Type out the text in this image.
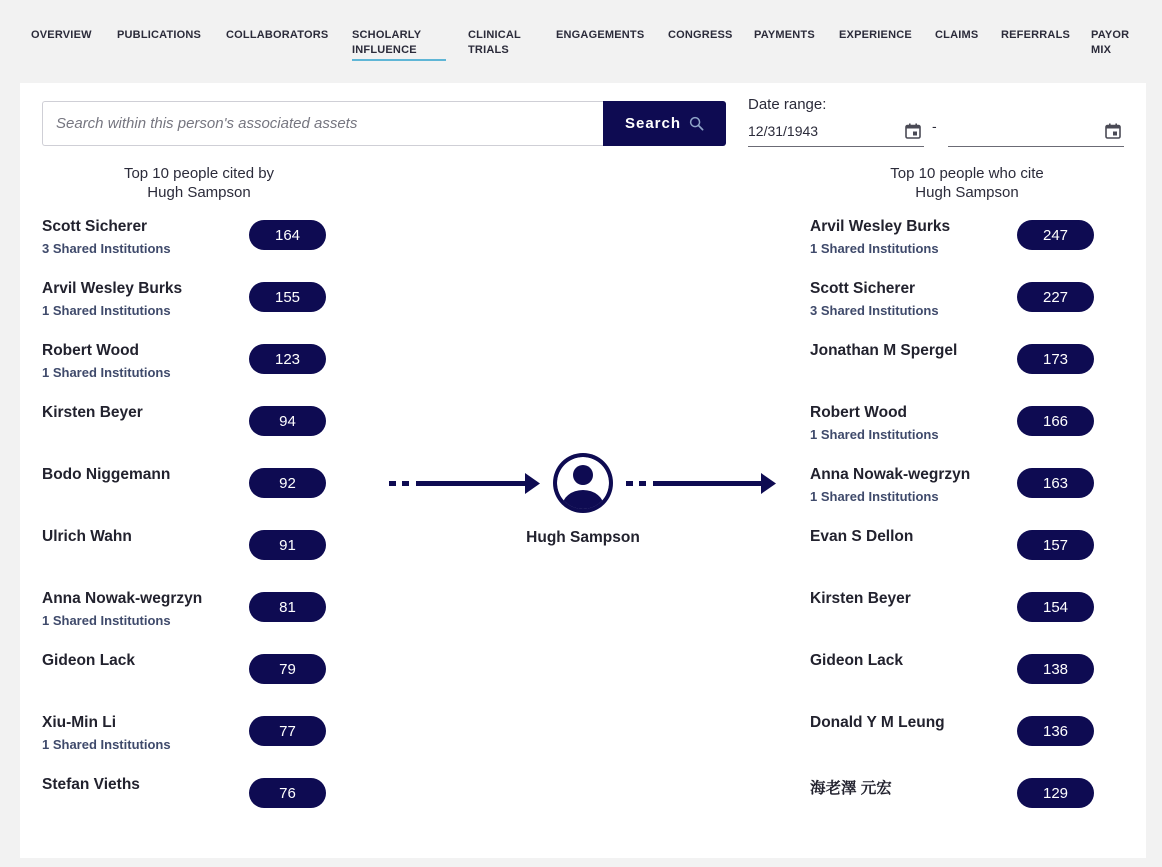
OVERVIEW PUBLICATIONS COLLABORATORS SCHOLARLY INFLUENCE
CLINICAL TRIALS
ENGAGEMENTS CONGRESS PAYMENTS EXPERIENCE CLAIMS REFERRALS PAYOR MIX
Search within this person's associated assets
Search
Date range:
12/31/1943	-
Top 10 people cited by
Hugh Sampson
Top 10 people who cite
Hugh Sampson
Scott Sicherer
3 Shared Institutions
164
Arvil Wesley Burks
1 Shared Institutions
155
Robert Wood
1 Shared Institutions
123
Kirsten Beyer	94
Bodo Niggemann	92
Ulrich Wahn	91
Anna Nowak-wegrzyn
1 Shared Institutions
81
Gideon Lack	79
Xiu-Min Li
1 Shared Institutions
77
Stefan Vieths	76
Arvil Wesley Burks
1 Shared Institutions
247
Scott Sicherer
3 Shared Institutions
227
Jonathan M Spergel	173
Robert Wood
1 Shared Institutions
166
Anna Nowak-wegrzyn
1 Shared Institutions
163
Evan S Dellon	157
Kirsten Beyer	154
Gideon Lack	138
Donald Y M Leung	136
海老澤 元宏	129
Hugh Sampson
